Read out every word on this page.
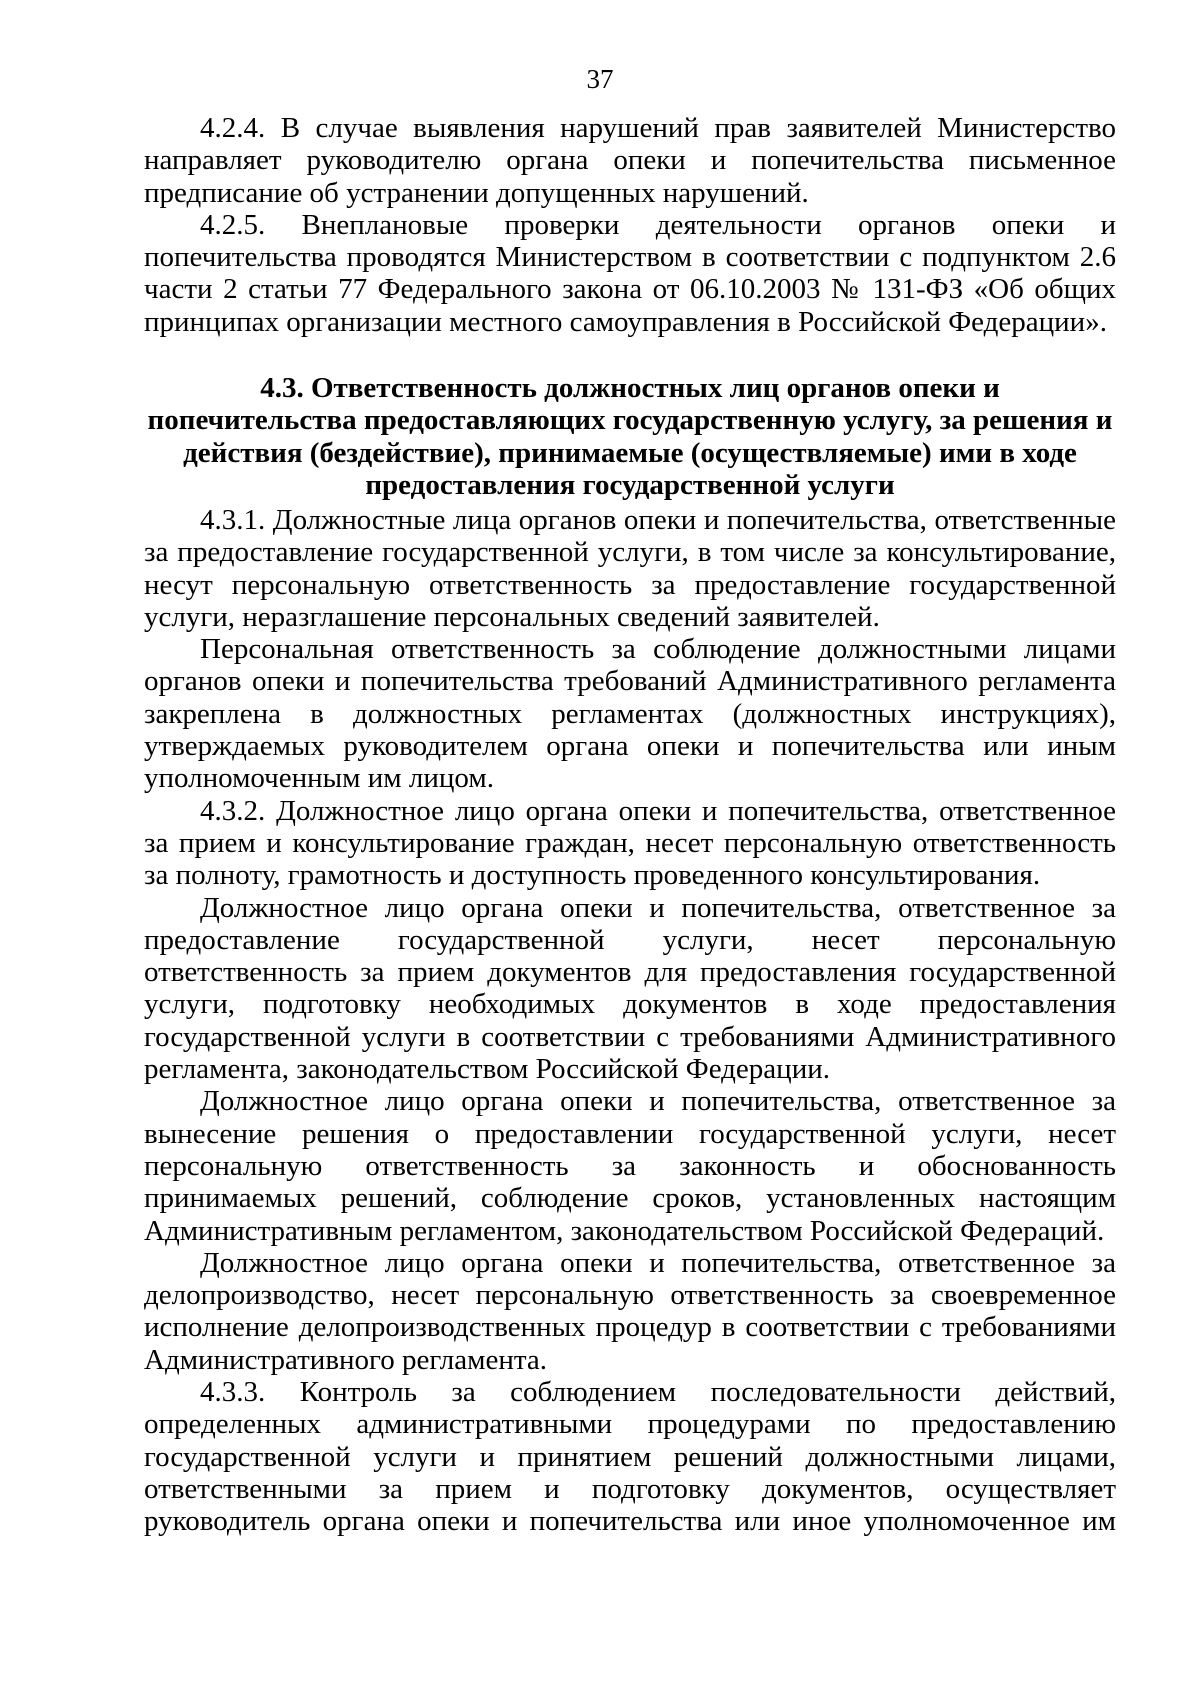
37

4.2.4. В случае выявления нарушений прав заявителей Министерство направляет руководителю органа опеки и попечительства письменное предписание об устранении допущенных нарушений.

4.2.5. Внеплановые проверки деятельности органов опеки и попечительства проводятся Министерством в соответствии с подпунктом 2.6 части 2 статьи 77 Федерального закона от 06.10.2003 № 131-ФЗ «Об общих принципах организации местного самоуправления в Российской Федерации».

4.3. Ответственность должностных лиц органов опеки и
попечительства предоставляющих государственную услугу, за решения и
действия (бездействие), принимаемые (осуществляемые) ими в ходе
предоставления государственной услуги

4.3.1. Должностные лица органов опеки и попечительства, ответственные за предоставление государственной услуги, в том числе за консультирование, несут персональную ответственность за предоставление государственной услуги, неразглашение персональных сведений заявителей.

Персональная ответственность за соблюдение должностными лицами органов опеки и попечительства требований Административного регламента закреплена в должностных регламентах (должностных инструкциях), утверждаемых руководителем органа опеки и попечительства или иным уполномоченным им лицом.

4.3.2. Должностное лицо органа опеки и попечительства, ответственное за прием и консультирование граждан, несет персональную ответственность за полноту, грамотность и доступность проведенного консультирования.

Должностное лицо органа опеки и попечительства, ответственное за предоставление государственной услуги, несет персональную ответственность за прием документов для предоставления государственной услуги, подготовку необходимых документов в ходе предоставления государственной услуги в соответствии с требованиями Административного регламента, законодательством Российской Федерации.

Должностное лицо органа опеки и попечительства, ответственное за вынесение решения о предоставлении государственной услуги, несет персональную ответственность за законность и обоснованность принимаемых решений, соблюдение сроков, установленных настоящим Административным регламентом, законодательством Российской Федераций.

Должностное лицо органа опеки и попечительства, ответственное за делопроизводство, несет персональную ответственность за своевременное исполнение делопроизводственных процедур в соответствии с требованиями Административного регламента.

4.3.3. Контроль за соблюдением последовательности действий, определенных административными процедурами по предоставлению государственной услуги и принятием решений должностными лицами, ответственными за прием и подготовку документов, осуществляет руководитель органа опеки и попечительства или иное уполномоченное им
